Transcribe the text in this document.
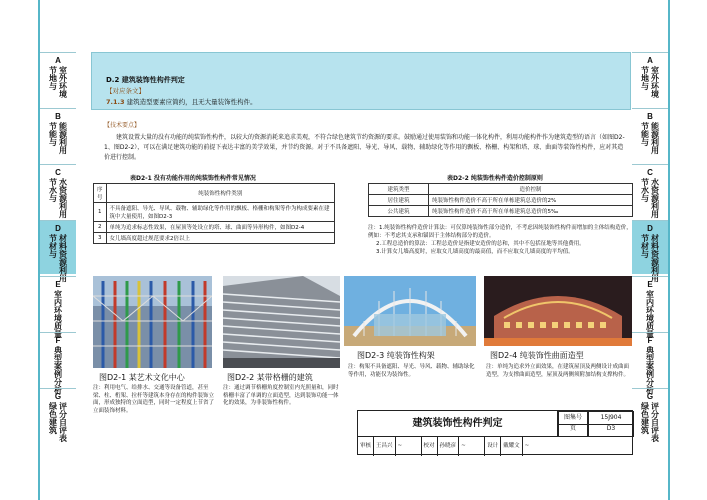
A
室外环境
节地与
B
能源利用
节能与
C
水资源利用
节水与
D
材料资源利用
节材与
E
室内环境质量
F
典型案例分析
G
评分自评表
绿色建筑
A
室外环境
节地与
B
能源利用
节能与
C
水资源利用
节水与
D
材料资源利用
节材与
E
室内环境质量
F
典型案例分析
G
评分自评表
绿色建筑
D.2 建筑装饰性构件判定
【对应条文】
7.1.3 建筑造型要素应简约，且无大量装饰性构件。
【技术要点】
建筑设置大量的没有功能的纯装饰性构件，以较大的资源消耗来追求美观，不符合绿色建筑节约资源的要求。鼓励通过使用装饰和功能一体化构件，利用功能构件作为建筑造型的语言（如图D2-1、图D2-2），可以在满足建筑功能的前提下表达丰富的美学效果，并节约资源。对于不具备遮阳、导光、导风、载物、辅助绿化等作用的飘板、格栅、构架和塔、球、曲面等装饰性构件，应对其造价进行控制。
表D2-1 没有功能作用的纯装饰性构件常见情况
序号	纯装饰性构件类别
1	不具备遮阳、导光、导风、载物、辅助绿化等作用的飘板、格栅和构架等作为构成要素在建筑中大量使用，如图D2-3
2	单纯为追求标志性效果，在屋顶等处设立的塔、球、曲面等异形构件，如图D2-4
3	女儿墙高度超过规范要求2倍以上
表D2-2 纯装饰性构件造价控制原则
建筑类型	造价控制
居住建筑	纯装饰性构件造价不高于所在单栋建筑总造价的2%
公共建筑	纯装饰性构件造价不高于所在单栋建筑总造价的5‰
注：1.纯装饰性构件造价计算法：可仅算纯装饰性部分造价，不考虑因纯装饰性构件而增加的主体结构造价，例如：不考虑其支承和锚固于主体结构部分的造价。
2.工程总造价的算法：工程总造价是指建安造价的总和，其中不包括征地等其他费用。
3.计算女儿墙高度时，应取女儿墙高度的最高值，而不应取女儿墙高度的平均值。
图D2-1 某艺术文化中心
注：利用电气、给排水、交通等设备管道，甚至梁、柱、桁架、拉杆等建筑本身存在的构件装饰立面，形成独特的立面造型，同时一定程度上节省了立面装饰材料。
图D2-2 某带格栅的建筑
注：通过调节格栅角度控制室内光照量和，同时格栅丰富了单调的立面造型，达到装饰功能一体化的效果，为非装饰性构件。
图D2-3 纯装饰性构架
注：构架不具备遮阳、导光、导风、载物、辅助绿化等作用，功能仅为装饰性。
图D2-4 纯装饰性曲面造型
注：单纯为追求外立面效果，在建筑屋顶及两侧设计成曲面造型，为支撑曲面造型，屋顶及两侧须附加结构支撑构件。
建筑装饰性构件判定
图集号	15J904
页	D3
审核 王昌兴 ~	校对 孙晓彦 ~	设计 戴耀文 ~
